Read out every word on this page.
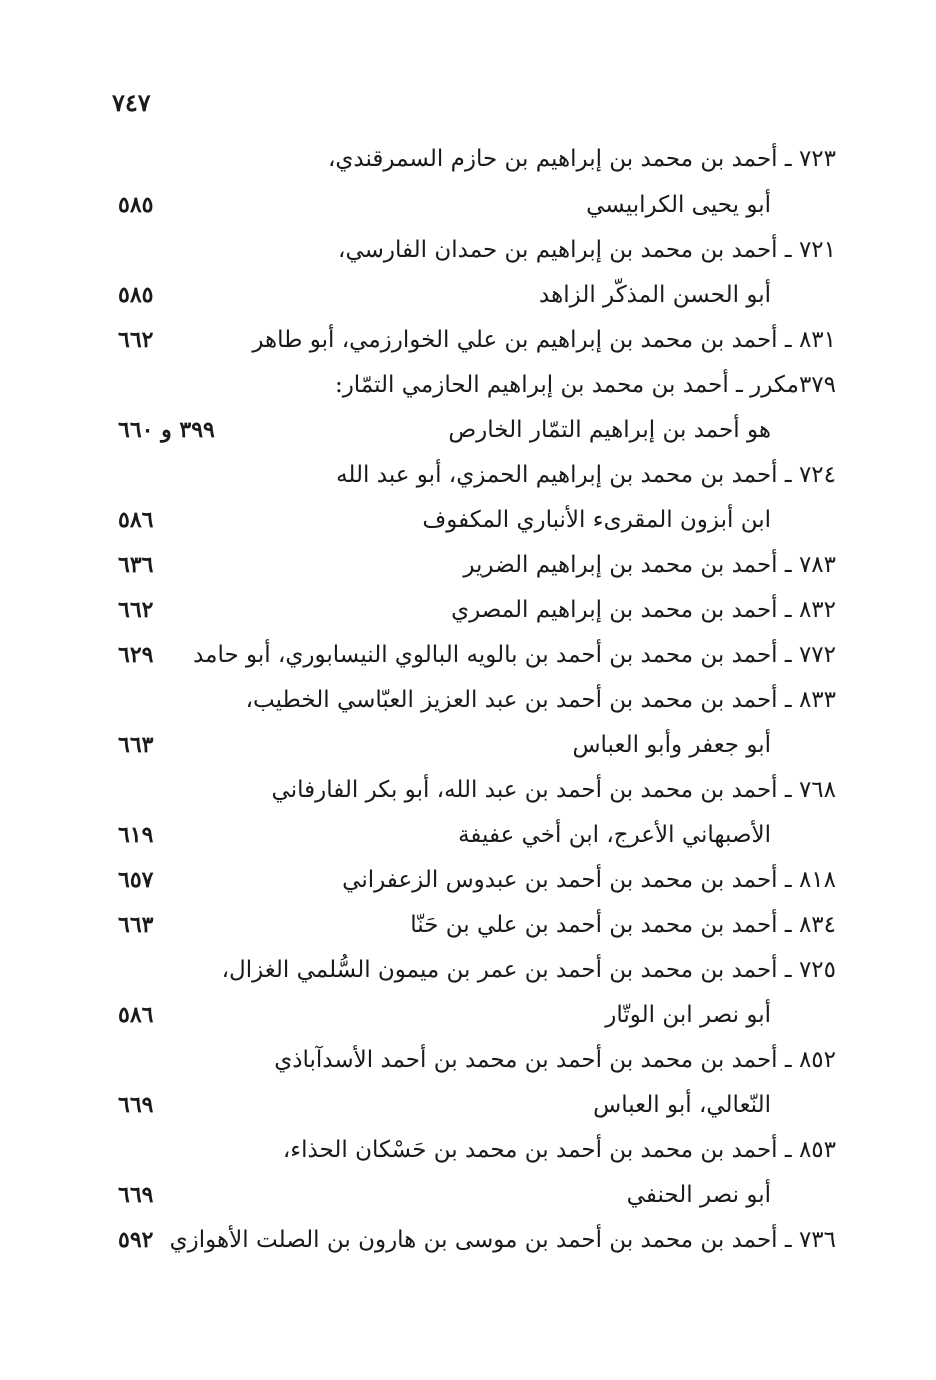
٧٤٧
٧٢٣ ـ أحمد بن محمد بن إبراهيم بن حازم السمرقندي،
أبو يحيى الكرابيسي
٥٨٥
٧٢١ ـ أحمد بن محمد بن إبراهيم بن حمدان الفارسي،
أبو الحسن المذكّر الزاهد
٥٨٥
٨٣١ ـ أحمد بن محمد بن إبراهيم بن علي الخوارزمي، أبو طاهر
٦٦٢
٣٧٩مكرر ـ أحمد بن محمد بن إبراهيم الحازمي التمّار:
هو أحمد بن إبراهيم التمّار الخارص
٣٩٩ و ٦٦٠
٧٢٤ ـ أحمد بن محمد بن إبراهيم الحمزي، أبو عبد الله
ابن أبزون المقرىء الأنباري المكفوف
٥٨٦
٧٨٣ ـ أحمد بن محمد بن إبراهيم الضرير
٦٣٦
٨٣٢ ـ أحمد بن محمد بن إبراهيم المصري
٦٦٢
٧٧٢ ـ أحمد بن محمد بن أحمد بن بالويه البالوي النيسابوري، أبو حامد
٦٢٩
٨٣٣ ـ أحمد بن محمد بن أحمد بن عبد العزيز العبّاسي الخطيب،
أبو جعفر وأبو العباس
٦٦٣
٧٦٨ ـ أحمد بن محمد بن أحمد بن عبد الله، أبو بكر الفارفاني
الأصبهاني الأعرج، ابن أخي عفيفة
٦١٩
٨١٨ ـ أحمد بن محمد بن أحمد بن عبدوس الزعفراني
٦٥٧
٨٣٤ ـ أحمد بن محمد بن أحمد بن علي بن حَنّا
٦٦٣
٧٢٥ ـ أحمد بن محمد بن أحمد بن عمر بن ميمون السُّلمي الغزال،
أبو نصر ابن الوتّار
٥٨٦
٨٥٢ ـ أحمد بن محمد بن أحمد بن محمد بن أحمد الأسدآباذي
النّعالي، أبو العباس
٦٦٩
٨٥٣ ـ أحمد بن محمد بن أحمد بن محمد بن حَسْكان الحذاء،
أبو نصر الحنفي
٦٦٩
٧٣٦ ـ أحمد بن محمد بن أحمد بن موسى بن هارون بن الصلت الأهوازي
٥٩٢
